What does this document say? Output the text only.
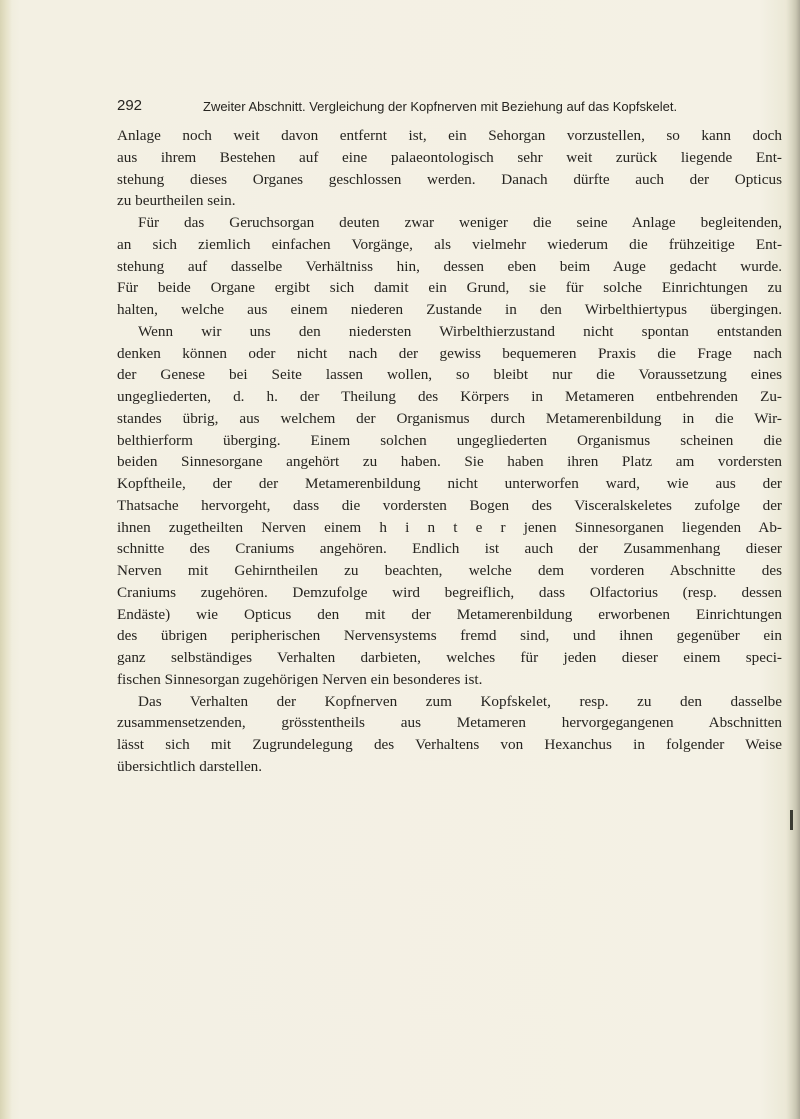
292	Zweiter Abschnitt. Vergleichung der Kopfnerven mit Beziehung auf das Kopfskelet.
Anlage noch weit davon entfernt ist, ein Sehorgan vorzustellen, so kann doch
aus ihrem Bestehen auf eine palaeontologisch sehr weit zurück liegende Ent-
stehung dieses Organes geschlossen werden. Danach dürfte auch der Opticus
zu beurtheilen sein.
Für das Geruchsorgan deuten zwar weniger die seine Anlage begleitenden,
an sich ziemlich einfachen Vorgänge, als vielmehr wiederum die frühzeitige Ent-
stehung auf dasselbe Verhältniss hin, dessen eben beim Auge gedacht wurde.
Für beide Organe ergibt sich damit ein Grund, sie für solche Einrichtungen zu
halten, welche aus einem niederen Zustande in den Wirbelthiertypus übergingen.
Wenn wir uns den niedersten Wirbelthierzustand nicht spontan entstanden
denken können oder nicht nach der gewiss bequemeren Praxis die Frage nach
der Genese bei Seite lassen wollen, so bleibt nur die Voraussetzung eines
ungegliederten, d. h. der Theilung des Körpers in Metameren entbehrenden Zu-
standes übrig, aus welchem der Organismus durch Metamerenbildung in die Wir-
belthierform überging. Einem solchen ungegliederten Organismus scheinen die
beiden Sinnesorgane angehört zu haben. Sie haben ihren Platz am vordersten
Kopftheile, der der Metamerenbildung nicht unterworfen ward, wie aus der
Thatsache hervorgeht, dass die vordersten Bogen des Visceralskeletes zufolge der
ihnen zugetheilten Nerven einem h i n t e r jenen Sinnesorganen liegenden Ab-
schnitte des Craniums angehören. Endlich ist auch der Zusammenhang dieser
Nerven mit Gehirntheilen zu beachten, welche dem vorderen Abschnitte des
Craniums zugehören. Demzufolge wird begreiflich, dass Olfactorius (resp. dessen
Endäste) wie Opticus den mit der Metamerenbildung erworbenen Einrichtungen
des übrigen peripherischen Nervensystems fremd sind, und ihnen gegenüber ein
ganz selbständiges Verhalten darbieten, welches für jeden dieser einem speci-
fischen Sinnesorgan zugehörigen Nerven ein besonderes ist.
Das Verhalten der Kopfnerven zum Kopfskelet, resp. zu den dasselbe
zusammensetzenden, grösstentheils aus Metameren hervorgegangenen Abschnitten
lässt sich mit Zugrundelegung des Verhaltens von Hexanchus in folgender Weise
übersichtlich darstellen.
